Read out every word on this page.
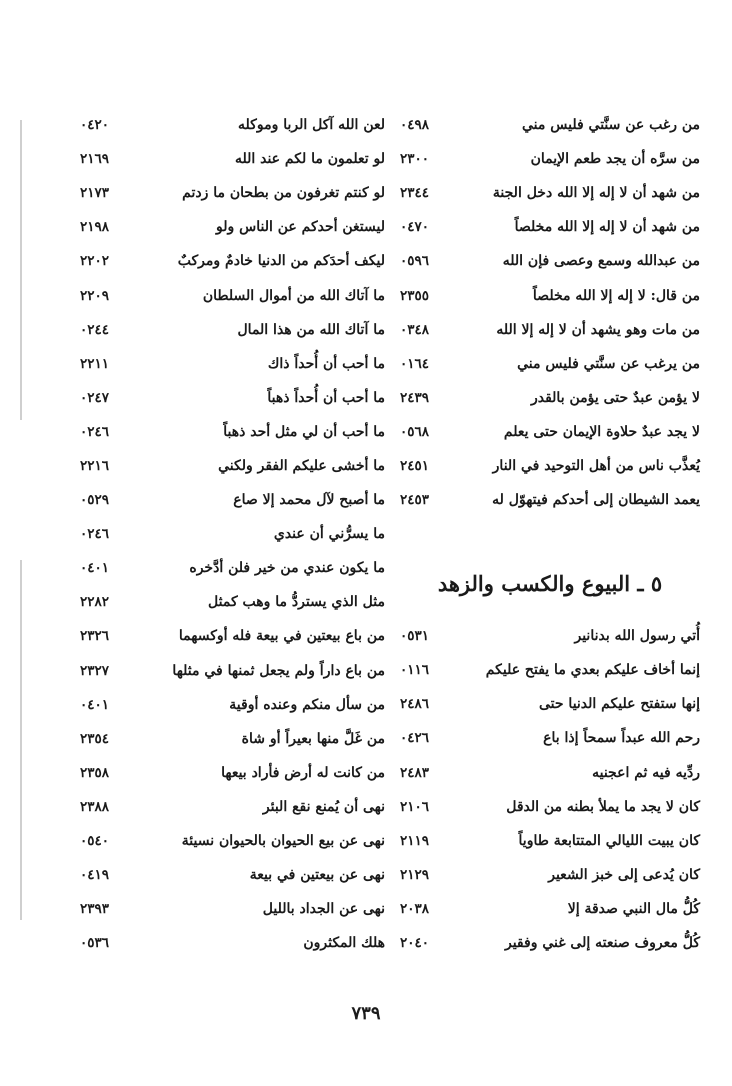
من رغب عن سنَّتي فليس مني
٠٤٩٨
من سرَّه أن يجد طعم الإيمان
٢٣٠٠
من شهد أن لا إله إلا الله دخل الجنة
٢٣٤٤
من شهد أن لا إله إلا الله مخلصاً
٠٤٧٠
من عبدالله وسمع وعصى فإن الله
٠٥٩٦
من قال: لا إله إلا الله مخلصاً
٢٣٥٥
من مات وهو يشهد أن لا إله إلا الله
٠٣٤٨
من يرغب عن سنَّتي فليس مني
٠١٦٤
لا يؤمن عبدٌ حتى يؤمن بالقدر
٢٤٣٩
لا يجد عبدٌ حلاوة الإيمان حتى يعلم
٠٥٦٨
يُعذَّب ناس من أهل التوحيد في النار
٢٤٥١
يعمد الشيطان إلى أحدكم فيتهوّل له
٢٤٥٣
٥ ـ البيوع والكسب والزهد
أُتي رسول الله بدنانير
٠٥٣١
إنما أخاف عليكم بعدي ما يفتح عليكم
٠١١٦
إنها ستفتح عليكم الدنيا حتى
٢٤٨٦
رحم الله عبداً سمحاً إذا باع
٠٤٢٦
ردِّيه فيه ثم اعجنيه
٢٤٨٣
كان لا يجد ما يملأ بطنه من الدقل
٢١٠٦
كان يبيت الليالي المتتابعة طاوياً
٢١١٩
كان يُدعى إلى خبز الشعير
٢١٢٩
كُلُّ مال النبي صدقة إلا
٢٠٣٨
كُلُّ معروف صنعته إلى غني وفقير
٢٠٤٠
لعن الله آكل الربا وموكله
٠٤٢٠
لو تعلمون ما لكم عند الله
٢١٦٩
لو كنتم تغرفون من بطحان ما زدتم
٢١٧٣
ليستغن أحدكم عن الناس ولو
٢١٩٨
ليكف أحدَكم من الدنيا خادمٌ ومركبٌ
٢٢٠٢
ما آتاك الله من أموال السلطان
٢٢٠٩
ما آتاك الله من هذا المال
٠٢٤٤
ما أحب أن أُحداً ذاك
٢٢١١
ما أحب أن أُحداً ذهباً
٠٢٤٧
ما أحب أن لي مثل أحد ذهباً
٠٢٤٦
ما أخشى عليكم الفقر ولكني
٢٢١٦
ما أصبح لآل محمد إلا صاع
٠٥٢٩
ما يسرُّني أن عندي
٠٢٤٦
ما يكون عندي من خير فلن أدَّخره
٠٤٠١
مثل الذي يستردُّ ما وهب كمثل
٢٢٨٢
من باع بيعتين في بيعة فله أوكسهما
٢٣٢٦
من باع داراً ولم يجعل ثمنها في مثلها
٢٣٢٧
من سأل منكم وعنده أوقية
٠٤٠١
من غَلَّ منها بعيراً أو شاة
٢٣٥٤
من كانت له أرض فأراد بيعها
٢٣٥٨
نهى أن يُمنع نقع البئر
٢٣٨٨
نهى عن بيع الحيوان بالحيوان نسيئة
٠٥٤٠
نهى عن بيعتين في بيعة
٠٤١٩
نهى عن الجداد بالليل
٢٣٩٣
هلك المكثرون
٠٥٣٦
٧٣٩
